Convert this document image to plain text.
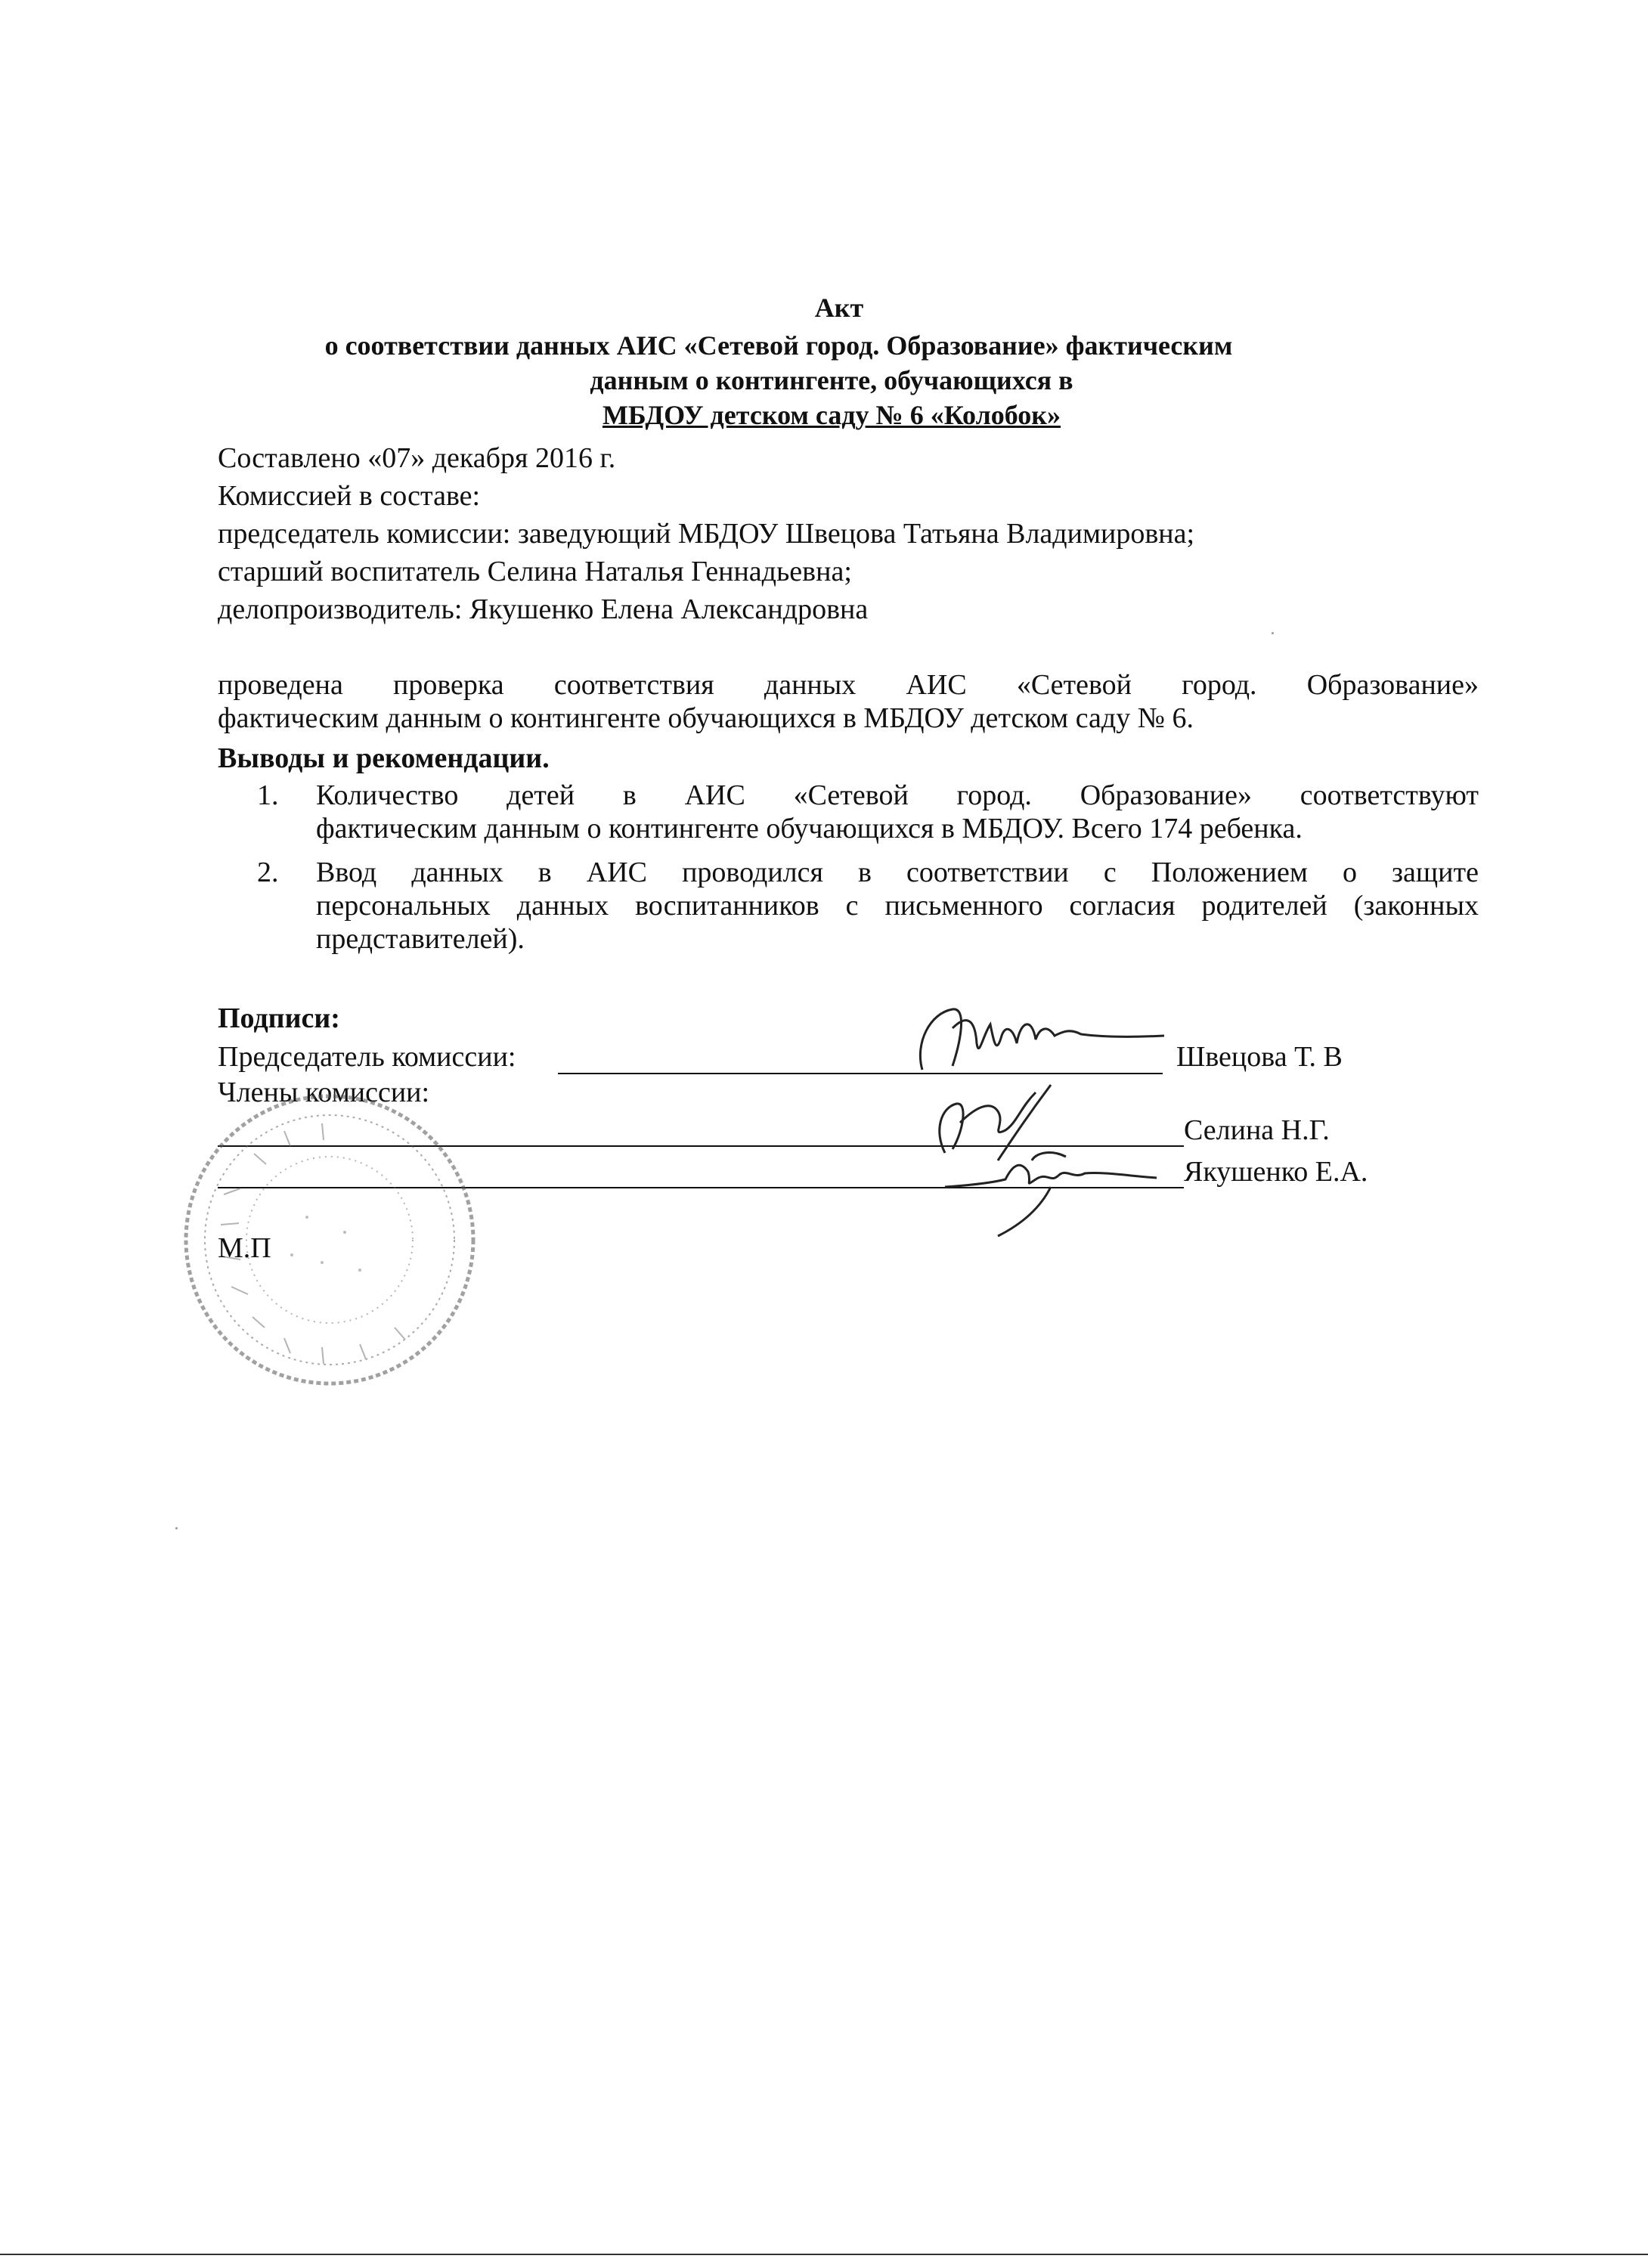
Акт
о соответствии данных АИС «Сетевой город. Образование» фактическим
данным о контингенте, обучающихся в
МБДОУ детском саду № 6 «Колобок»
Составлено «07» декабря 2016 г.
Комиссией в составе:
председатель комиссии: заведующий МБДОУ Швецова Татьяна Владимировна;
старший воспитатель Селина Наталья Геннадьевна;
делопроизводитель: Якушенко Елена Александровна
проведена проверка соответствия данных АИС «Сетевой город. Образование»
фактическим данным о контингенте обучающихся в МБДОУ детском саду № 6.
Выводы и рекомендации.
1. Количество детей в АИС «Сетевой город. Образование» соответствуют
фактическим данным о контингенте обучающихся в МБДОУ. Всего 174 ребенка.
2. Ввод данных в АИС проводился в соответствии с Положением о защите
персональных данных воспитанников с письменного согласия родителей (законных
представителей).
Подписи:
Председатель комиссии:	Швецова Т. В
Члены комиссии:
Селина Н.Г.
Якушенко Е.А.
М.П
